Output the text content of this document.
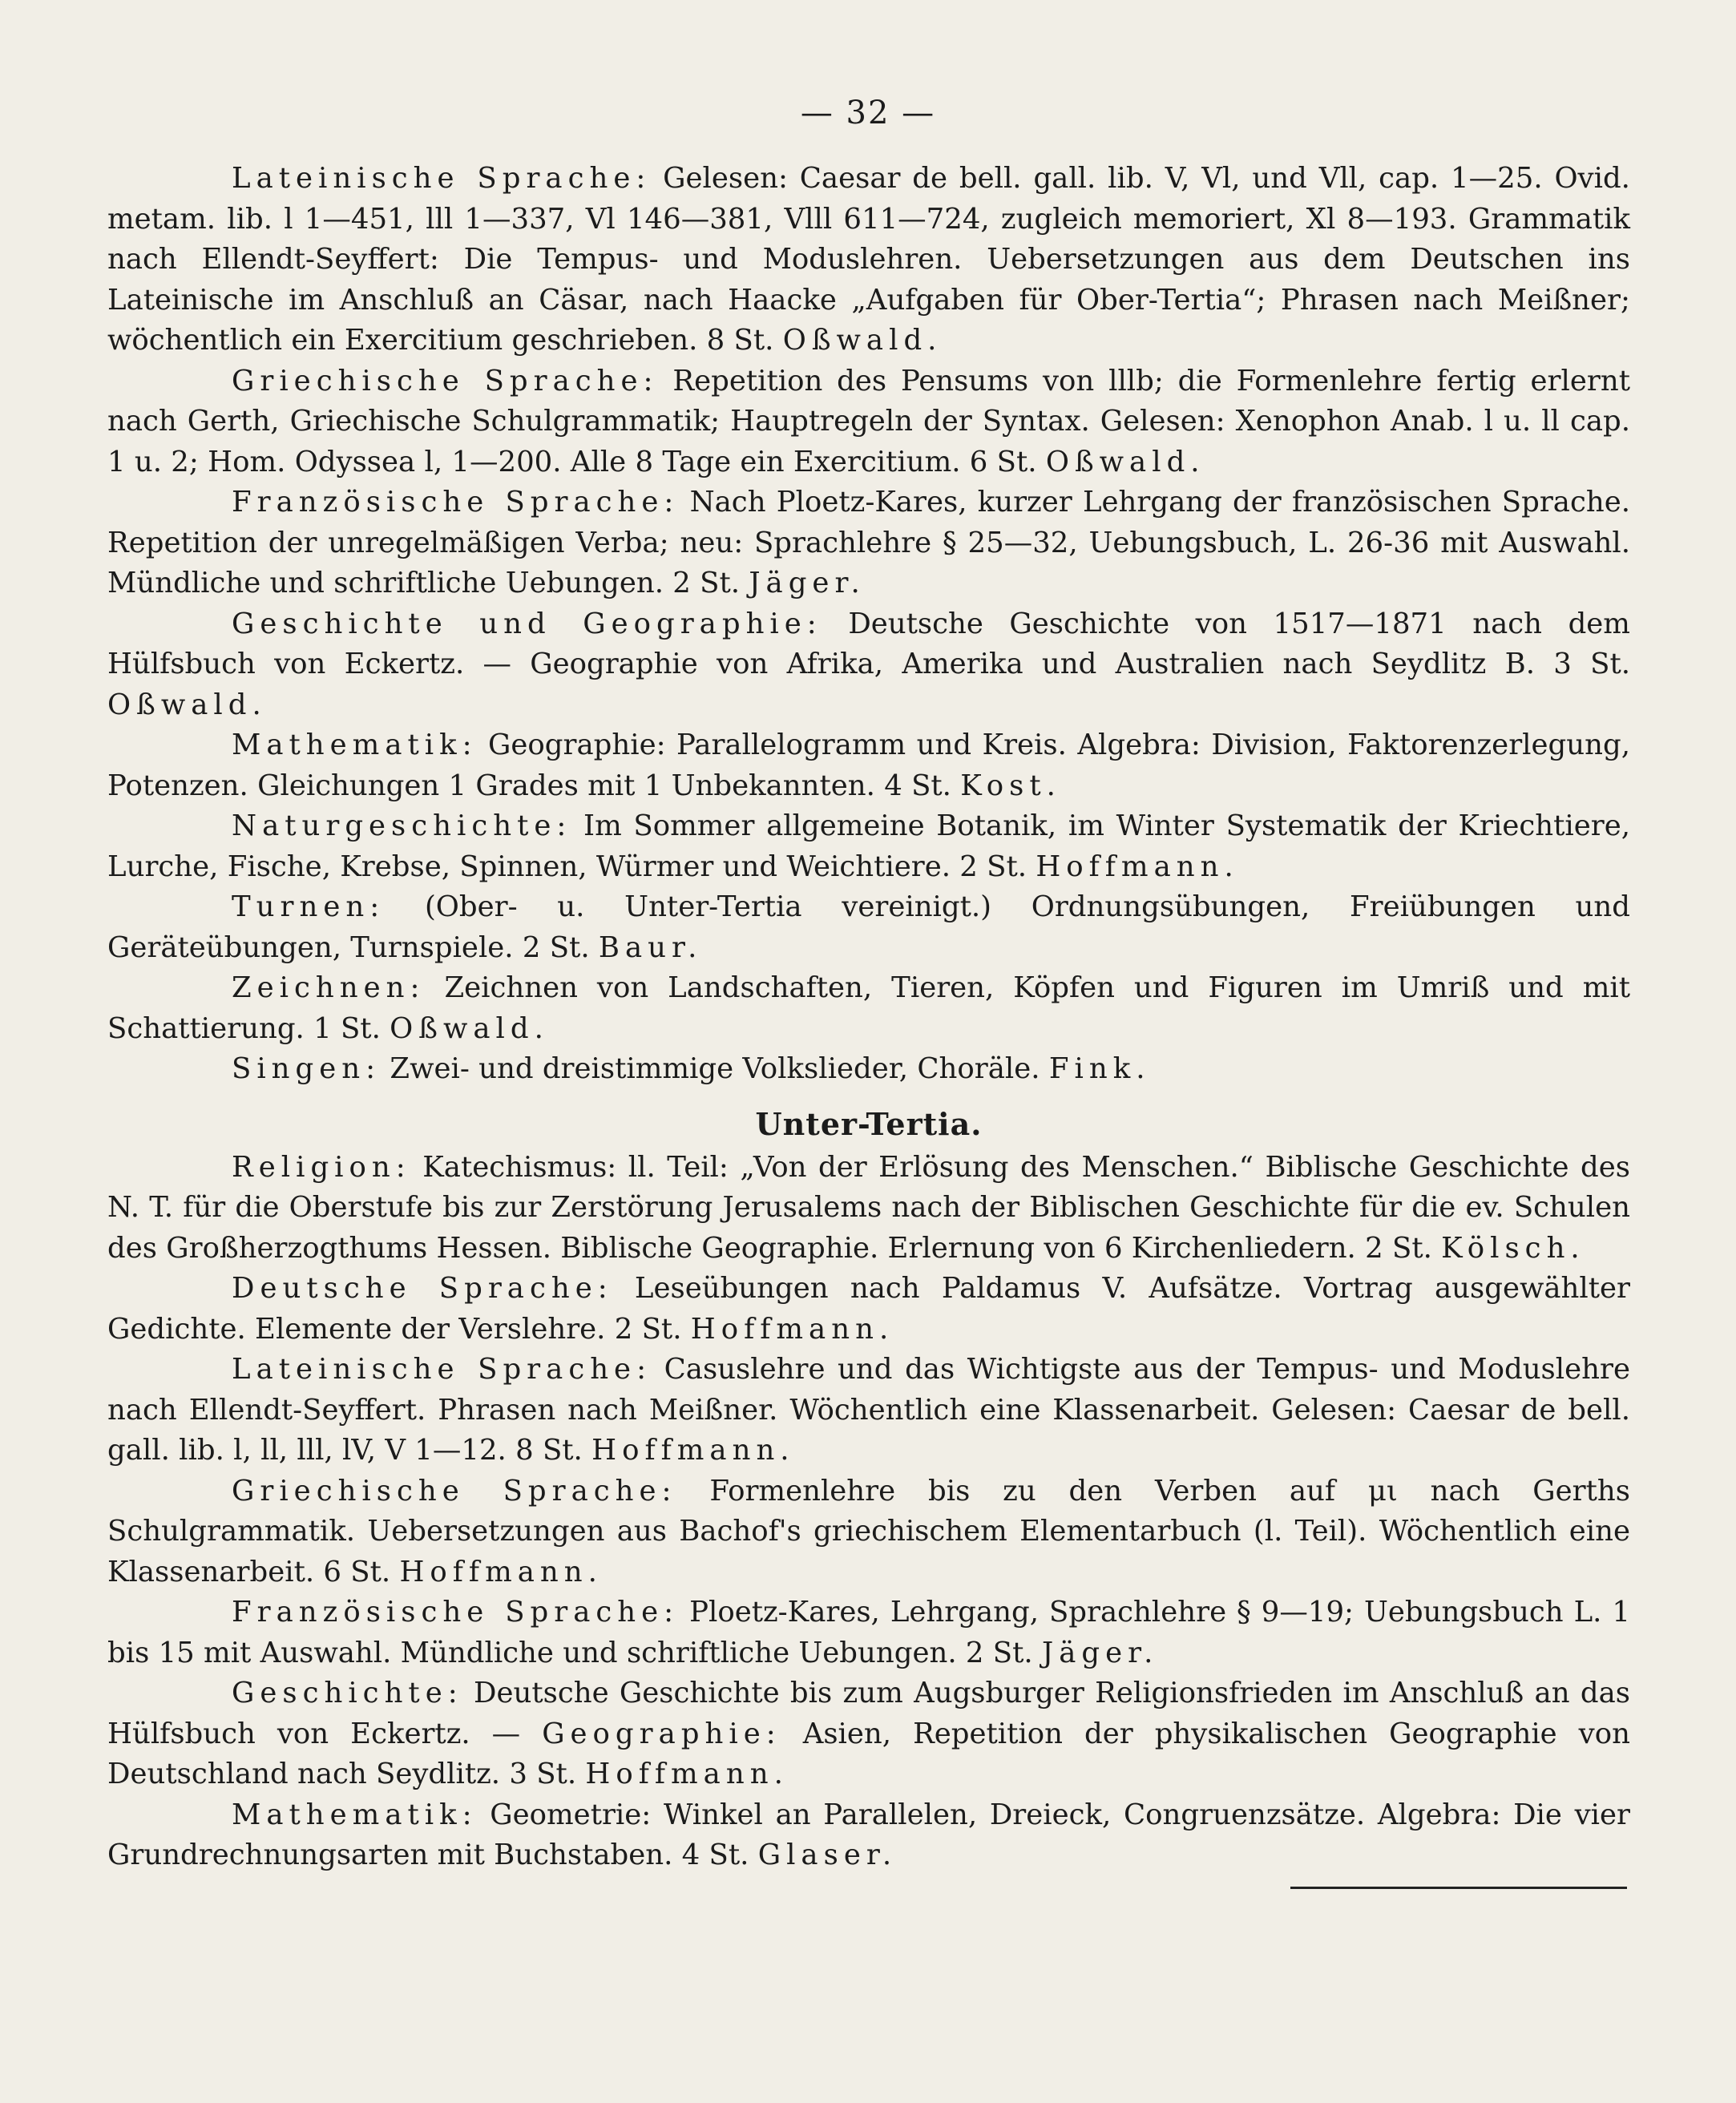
— 32 —

Lateinische Sprache: Gelesen: Caesar de bell. gall. lib. V, Vl, und Vll, cap. 1—25. Ovid. metam. lib. l 1—451, lll 1—337, Vl 146—381, Vlll 611—724, zugleich memoriert, Xl 8—193. Grammatik nach Ellendt-Seyffert: Die Tempus- und Moduslehren. Uebersetzungen aus dem Deutschen ins Lateinische im Anschluß an Cäsar, nach Haacke „Aufgaben für Ober-Tertia“; Phrasen nach Meißner; wöchentlich ein Exercitium geschrieben. 8 St. Oßwald.

Griechische Sprache: Repetition des Pensums von lllb; die Formenlehre fertig erlernt nach Gerth, Griechische Schulgrammatik; Hauptregeln der Syntax. Gelesen: Xenophon Anab. l u. ll cap. 1 u. 2; Hom. Odyssea l, 1—200. Alle 8 Tage ein Exercitium. 6 St. Oßwald.

Französische Sprache: Nach Ploetz-Kares, kurzer Lehrgang der französischen Sprache. Repetition der unregelmäßigen Verba; neu: Sprachlehre § 25—32, Uebungsbuch, L. 26-36 mit Auswahl. Mündliche und schriftliche Uebungen. 2 St. Jäger.

Geschichte und Geographie: Deutsche Geschichte von 1517—1871 nach dem Hülfsbuch von Eckertz. — Geographie von Afrika, Amerika und Australien nach Seydlitz B. 3 St. Oßwald.

Mathematik: Geographie: Parallelogramm und Kreis. Algebra: Division, Faktorenzerlegung, Potenzen. Gleichungen 1 Grades mit 1 Unbekannten. 4 St. Kost.

Naturgeschichte: Im Sommer allgemeine Botanik, im Winter Systematik der Kriechtiere, Lurche, Fische, Krebse, Spinnen, Würmer und Weichtiere. 2 St. Hoffmann.

Turnen: (Ober- u. Unter-Tertia vereinigt.) Ordnungsübungen, Freiübungen und Geräteübungen, Turnspiele. 2 St. Baur.

Zeichnen: Zeichnen von Landschaften, Tieren, Köpfen und Figuren im Umriß und mit Schattierung. 1 St. Oßwald.

Singen: Zwei- und dreistimmige Volkslieder, Choräle. Fink.

Unter-Tertia.

Religion: Katechismus: ll. Teil: „Von der Erlösung des Menschen.“ Biblische Geschichte des N. T. für die Oberstufe bis zur Zerstörung Jerusalems nach der Biblischen Geschichte für die ev. Schulen des Großherzogthums Hessen. Biblische Geographie. Erlernung von 6 Kirchenliedern. 2 St. Kölsch.

Deutsche Sprache: Leseübungen nach Paldamus V. Aufsätze. Vortrag ausgewählter Gedichte. Elemente der Verslehre. 2 St. Hoffmann.

Lateinische Sprache: Casuslehre und das Wichtigste aus der Tempus- und Moduslehre nach Ellendt-Seyffert. Phrasen nach Meißner. Wöchentlich eine Klassenarbeit. Gelesen: Caesar de bell. gall. lib. l, ll, lll, lV, V 1—12. 8 St. Hoffmann.

Griechische Sprache: Formenlehre bis zu den Verben auf μι nach Gerths Schulgrammatik. Uebersetzungen aus Bachof's griechischem Elementarbuch (l. Teil). Wöchentlich eine Klassenarbeit. 6 St. Hoffmann.

Französische Sprache: Ploetz-Kares, Lehrgang, Sprachlehre § 9—19; Uebungsbuch L. 1 bis 15 mit Auswahl. Mündliche und schriftliche Uebungen. 2 St. Jäger.

Geschichte: Deutsche Geschichte bis zum Augsburger Religionsfrieden im Anschluß an das Hülfsbuch von Eckertz. — Geographie: Asien, Repetition der physikalischen Geographie von Deutschland nach Seydlitz. 3 St. Hoffmann.

Mathematik: Geometrie: Winkel an Parallelen, Dreieck, Congruenzsätze. Algebra: Die vier Grundrechnungsarten mit Buchstaben. 4 St. Glaser.
